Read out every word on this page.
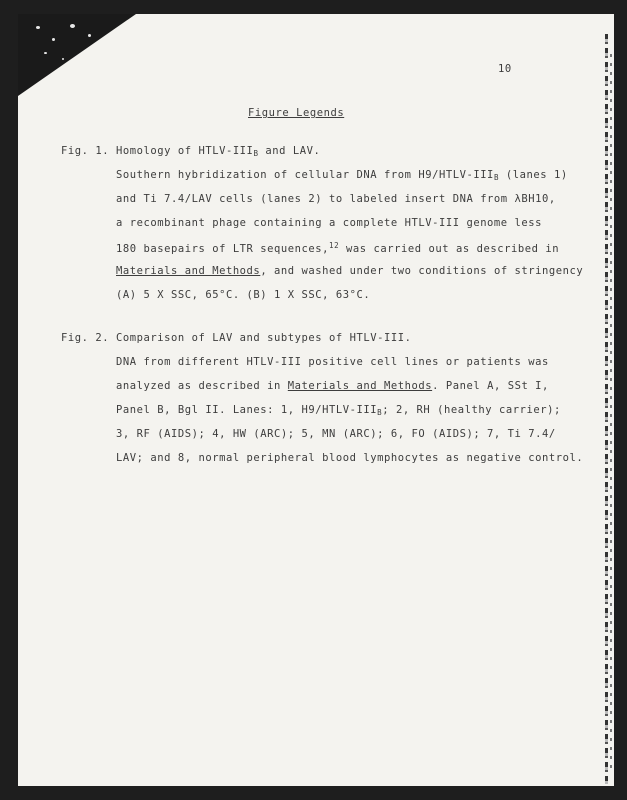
10
Figure Legends
Fig. 1. Homology of HTLV-$III_B$ and LAV.
Southern hybridization of cellular DNA from $H9/HTLV-III_B$ (lanes 1)
and Ti 7.4/LAV cells (lanes 2) to labeled insert DNA from λBH10,
a recombinant phage containing a complete HTLV-III genome less
180 basepairs of LTR sequences,$^{12}$ was carried out as described in
Materials and Methods, and washed under two conditions of stringency
(A) 5 X SSC, 65°C. (B) 1 X SSC, 63°C.
Fig. 2. Comparison of LAV and subtypes of HTLV-III.
DNA from different HTLV-III positive cell lines or patients was
analyzed as described in Materials and Methods. Panel A, SSt I,
Panel B, Bgl II. Lanes: 1, $H9/HTLV-III_B$; 2, RH (healthy carrier);
3, RF (AIDS); 4, HW (ARC); 5, MN (ARC); 6, FO (AIDS); 7, Ti 7.4/
LAV; and 8, normal peripheral blood lymphocytes as negative control.
